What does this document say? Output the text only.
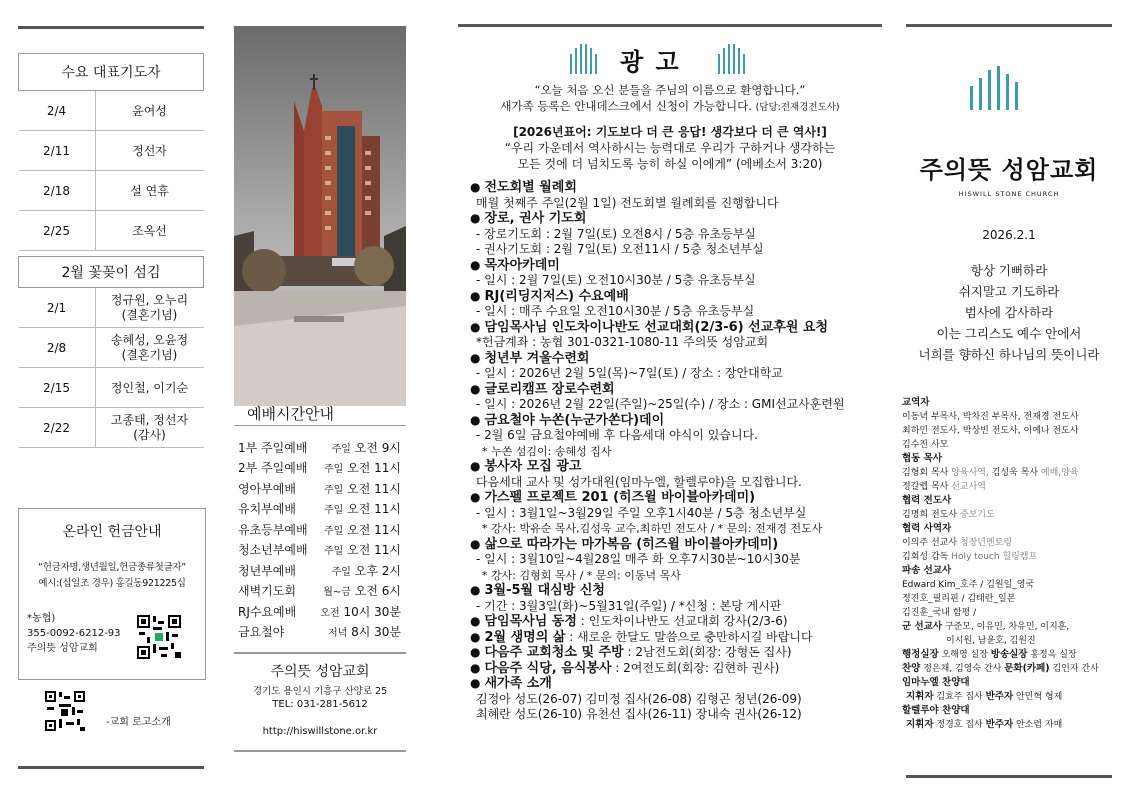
수요 대표기도자	
2/4	윤여성
2/11	정선자
2/18	설 연휴
2/25	조옥선
2월 꽃꽂이 섬김	
2/1	정규원, 오누리
(결혼기념)
2/8	송혜성, 오윤정
(결혼기념)
2/15	정인철, 이기순
2/22	고종태, 정선자
(감사)
온라인 헌금안내
“헌금자명,생년월일,헌금종류첫글자”
예시:(십일조 경우) 홍길동921225십
*농협)
355-0092-6212-93
주의뜻 성암교회
-교회 로고소개
예배시간안내
1부 주일예배 주일 오전 9시
2부 주일예배 주일 오전 11시
영아부예배	주일 오전 11시
유치부예배	주일 오전 11시
유초등부예배 주일 오전 11시
청소년부예배 주일 오전 11시
청년부예배	주일 오후 2시
새벽기도회	월~금 오전 6시
RJ수요예배 오전 10시 30분
금요철야	저녁 8시 30분
주의뜻 성암교회
경기도 용인시 기흥구 산양로 25
TEL: 031-281-5612
http://hiswillstone.or.kr
광 고
“오늘 처음 오신 분들을 주님의 이름으로 환영합니다.”
새가족 등록은 안내데스크에서 신청이 가능합니다. (담당:전재경전도사)
[2026년표어: 기도보다 더 큰 응답! 생각보다 더 큰 역사!]
“우리 가운데서 역사하시는 능력대로 우리가 구하거나 생각하는
모든 것에 더 넘치도록 능히 하실 이에게” (에베소서 3:20)
● 전도회별 월례회
매월 첫째주 주일(2월 1일) 전도회별 월례회를 진행합니다
● 장로, 권사 기도회
- 장로기도회 : 2월 7일(토) 오전8시 / 5층 유초등부실
- 권사기도회 : 2월 7일(토) 오전11시 / 5층 청소년부실
● 목자아카데미
- 일시 : 2월 7일(토) 오전10시30분 / 5층 유초등부실
● RJ(리딩지저스) 수요예배
- 일시 : 매주 수요일 오전10시30분 / 5층 유초등부실
● 담임목사님 인도차이나반도 선교대회(2/3-6) 선교후원 요청
*헌금계좌 : 농협 301-0321-1080-11 주의뜻 성암교회
● 청년부 겨울수련회
- 일시 : 2026년 2월 5일(목)~7일(토) / 장소 : 장안대학교
● 글로리캠프 장로수련회
- 일시 : 2026년 2월 22일(주일)~25일(수) / 장소 : GMI선교사훈련원
● 금요철야 누쏜(누군가쏜다)데이
- 2월 6일 금요철야예배 후 다음세대 야식이 있습니다.
* 누쏜 섬김이: 송혜성 집사
● 봉사자 모집 광고
다음세대 교사 및 성가대원(임마누엘, 할렐루야)을 모집합니다.
● 가스펠 프로젝트 201 (히즈윌 바이블아카데미)
- 일시 : 3월1일~3월29일 주일 오후1시40분 / 5층 청소년부실
* 강사: 박유순 목사,김성욱 교수,최하민 전도사 / * 문의: 전재경 전도사
● 삶으로 따라가는 마가복음 (히즈윌 바이블아카데미)
- 일시 : 3월10일~4월28일 매주 화 오후7시30분~10시30분
* 강사: 김형회 목사 / * 문의: 이동녁 목사
● 3월-5월 대심방 신청
- 기간 : 3월3일(화)~5월31일(주일) / *신청 : 본당 게시판
● 담임목사님 동정 : 인도차이나반도 선교대회 강사(2/3-6)
● 2월 생명의 삶 : 새로운 한달도 말씀으로 충만하시길 바랍니다
● 다음주 교회청소 및 주방 : 2남전도회(회장: 강형돈 집사)
● 다음주 식당, 음식봉사 : 2여전도회(회장: 김현하 권사)
● 새가족 소개
김정아 성도(26-07) 김미정 집사(26-08) 김형곤 청년(26-09)
최혜란 성도(26-10) 유천선 집사(26-11) 장내숙 권사(26-12)
주의뜻 성암교회
HISWILL STONE CHURCH
2026.2.1
항상 기뻐하라
쉬지말고 기도하라
범사에 감사하라
이는 그리스도 예수 안에서
너희를 향하신 하나님의 뜻이니라
교역자
이동녁 부목사, 박차진 부목사, 전재경 전도사
최하민 전도사, 박상빈 전도사, 이예나 전도사
김수진 사모
협동 목사
김형회 목사 양육사역, 김성욱 목사 예배,양육
정갈렙 목사 선교사역
협력 전도사
김명희 전도사 중보기도
협력 사역자
이의주 선교사 청장년멘토링
김회성 감독 Holy touch 힐링캠프
파송 선교사
Edward Kim_호주 / 김원일_영국
정진호_필리핀 / 김태란_일본
김진훈_국내 함평 /
군 선교사 구준모, 이유민, 차유민, 이지훈,
이시원, 남윤호, 김원진
행정실장 오해영 실장 방송실장 홍정옥 실장
찬양 정은채, 김영숙 간사 문화(카페) 김인자 간사
임마누엘 찬양대
지휘자 김효주 집사 반주자 안민혁 형제
할렐루야 찬양대
지휘자 정경호 집사 반주자 안소렴 자매
